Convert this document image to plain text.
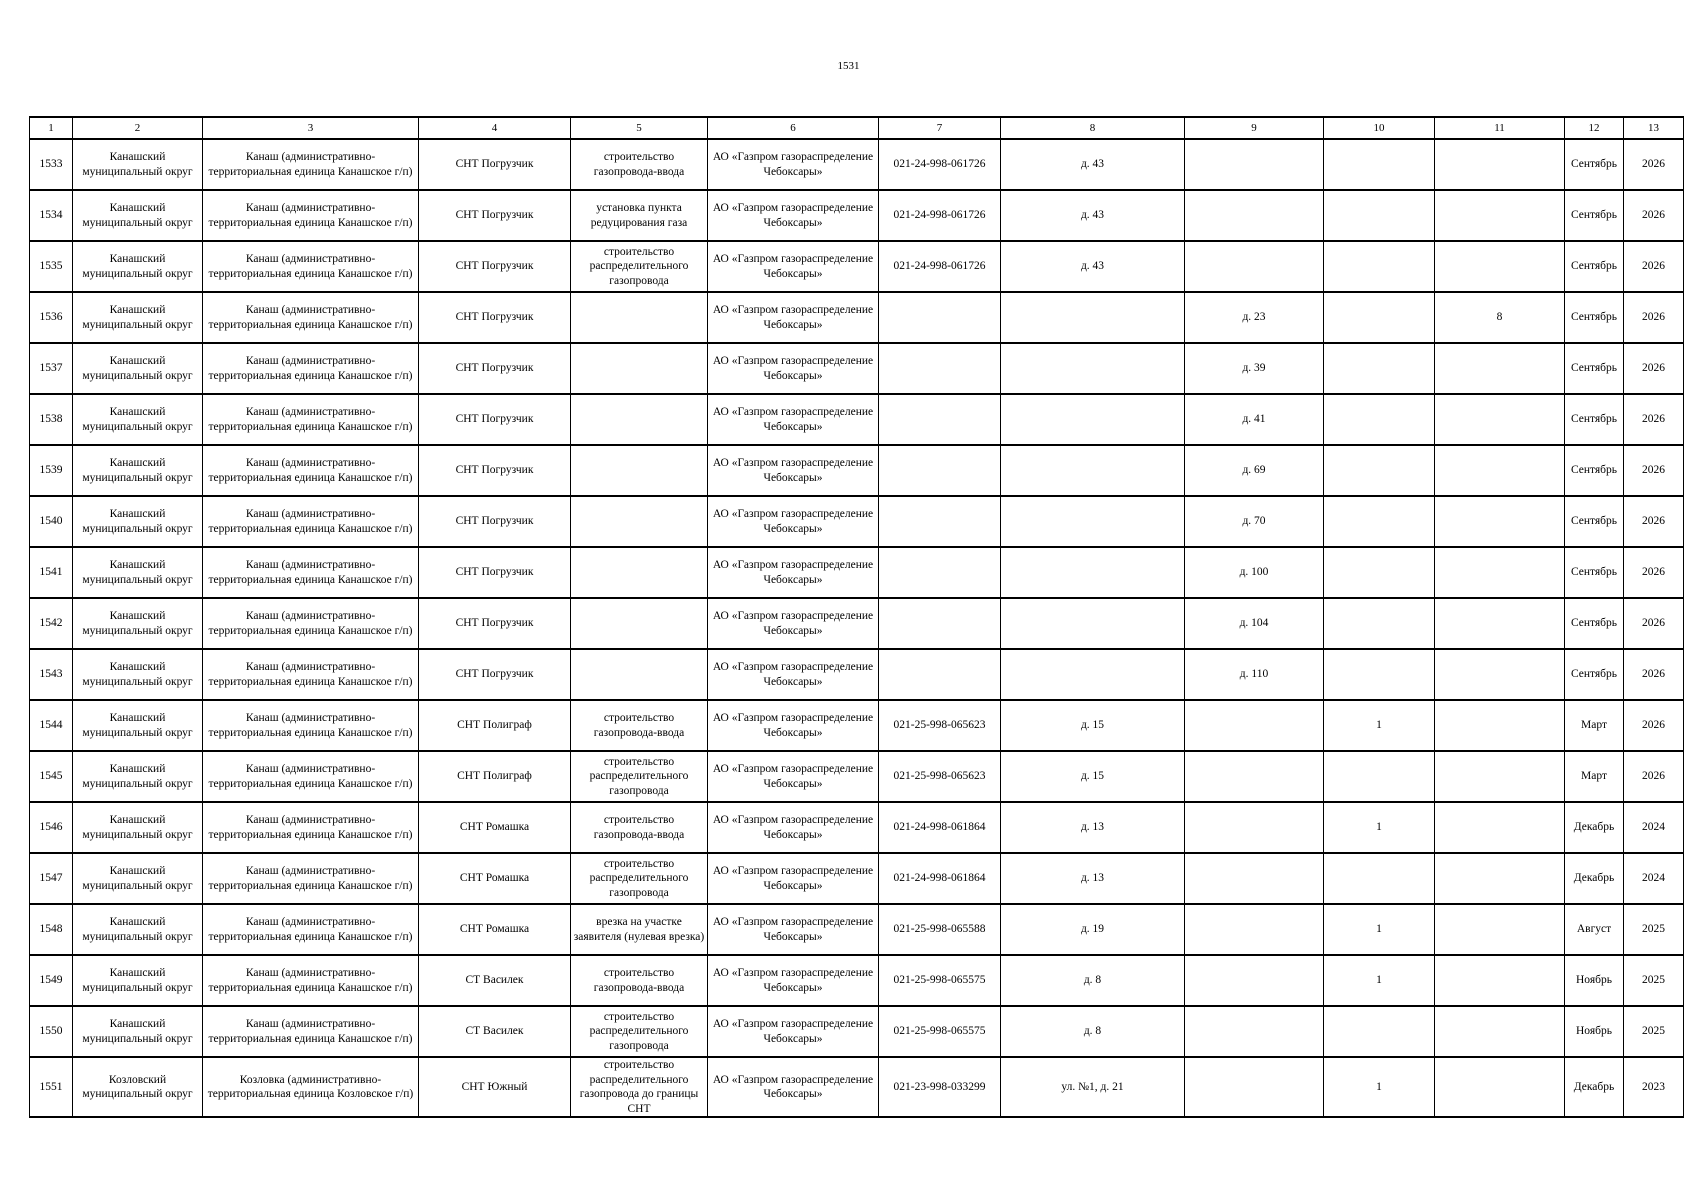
1531
1	2	3	4	5	6	7	8	9	10	11	12	13
1533	Канашский муниципальный округ	Канаш (административно-территориальная единица Канашское г/п)	СНТ Погрузчик	строительство газопровода-ввода	АО «Газпром газораспределение Чебоксары»	021-24-998-061726	д. 43				Сентябрь	2026
1534	Канашский муниципальный округ	Канаш (административно-территориальная единица Канашское г/п)	СНТ Погрузчик	установка пункта редуцирования газа	АО «Газпром газораспределение Чебоксары»	021-24-998-061726	д. 43				Сентябрь	2026
1535	Канашский муниципальный округ	Канаш (административно-территориальная единица Канашское г/п)	СНТ Погрузчик	строительство распределительного газопровода	АО «Газпром газораспределение Чебоксары»	021-24-998-061726	д. 43				Сентябрь	2026
1536	Канашский муниципальный округ	Канаш (административно-территориальная единица Канашское г/п)	СНТ Погрузчик		АО «Газпром газораспределение Чебоксары»			д. 23		8	Сентябрь	2026
1537	Канашский муниципальный округ	Канаш (административно-территориальная единица Канашское г/п)	СНТ Погрузчик		АО «Газпром газораспределение Чебоксары»			д. 39			Сентябрь	2026
1538	Канашский муниципальный округ	Канаш (административно-территориальная единица Канашское г/п)	СНТ Погрузчик		АО «Газпром газораспределение Чебоксары»			д. 41			Сентябрь	2026
1539	Канашский муниципальный округ	Канаш (административно-территориальная единица Канашское г/п)	СНТ Погрузчик		АО «Газпром газораспределение Чебоксары»			д. 69			Сентябрь	2026
1540	Канашский муниципальный округ	Канаш (административно-территориальная единица Канашское г/п)	СНТ Погрузчик		АО «Газпром газораспределение Чебоксары»			д. 70			Сентябрь	2026
1541	Канашский муниципальный округ	Канаш (административно-территориальная единица Канашское г/п)	СНТ Погрузчик		АО «Газпром газораспределение Чебоксары»			д. 100			Сентябрь	2026
1542	Канашский муниципальный округ	Канаш (административно-территориальная единица Канашское г/п)	СНТ Погрузчик		АО «Газпром газораспределение Чебоксары»			д. 104			Сентябрь	2026
1543	Канашский муниципальный округ	Канаш (административно-территориальная единица Канашское г/п)	СНТ Погрузчик		АО «Газпром газораспределение Чебоксары»			д. 110			Сентябрь	2026
1544	Канашский муниципальный округ	Канаш (административно-территориальная единица Канашское г/п)	СНТ Полиграф	строительство газопровода-ввода	АО «Газпром газораспределение Чебоксары»	021-25-998-065623	д. 15		1		Март	2026
1545	Канашский муниципальный округ	Канаш (административно-территориальная единица Канашское г/п)	СНТ Полиграф	строительство распределительного газопровода	АО «Газпром газораспределение Чебоксары»	021-25-998-065623	д. 15				Март	2026
1546	Канашский муниципальный округ	Канаш (административно-территориальная единица Канашское г/п)	СНТ Ромашка	строительство газопровода-ввода	АО «Газпром газораспределение Чебоксары»	021-24-998-061864	д. 13		1		Декабрь	2024
1547	Канашский муниципальный округ	Канаш (административно-территориальная единица Канашское г/п)	СНТ Ромашка	строительство распределительного газопровода	АО «Газпром газораспределение Чебоксары»	021-24-998-061864	д. 13				Декабрь	2024
1548	Канашский муниципальный округ	Канаш (административно-территориальная единица Канашское г/п)	СНТ Ромашка	врезка на участке заявителя (нулевая врезка)	АО «Газпром газораспределение Чебоксары»	021-25-998-065588	д. 19		1		Август	2025
1549	Канашский муниципальный округ	Канаш (административно-территориальная единица Канашское г/п)	СТ Василек	строительство газопровода-ввода	АО «Газпром газораспределение Чебоксары»	021-25-998-065575	д. 8		1		Ноябрь	2025
1550	Канашский муниципальный округ	Канаш (административно-территориальная единица Канашское г/п)	СТ Василек	строительство распределительного газопровода	АО «Газпром газораспределение Чебоксары»	021-25-998-065575	д. 8				Ноябрь	2025
1551	Козловский муниципальный округ	Козловка (административно-территориальная единица Козловское г/п)	СНТ Южный	строительство распределительного газопровода до границы СНТ	АО «Газпром газораспределение Чебоксары»	021-23-998-033299	ул. №1, д. 21		1		Декабрь	2023
